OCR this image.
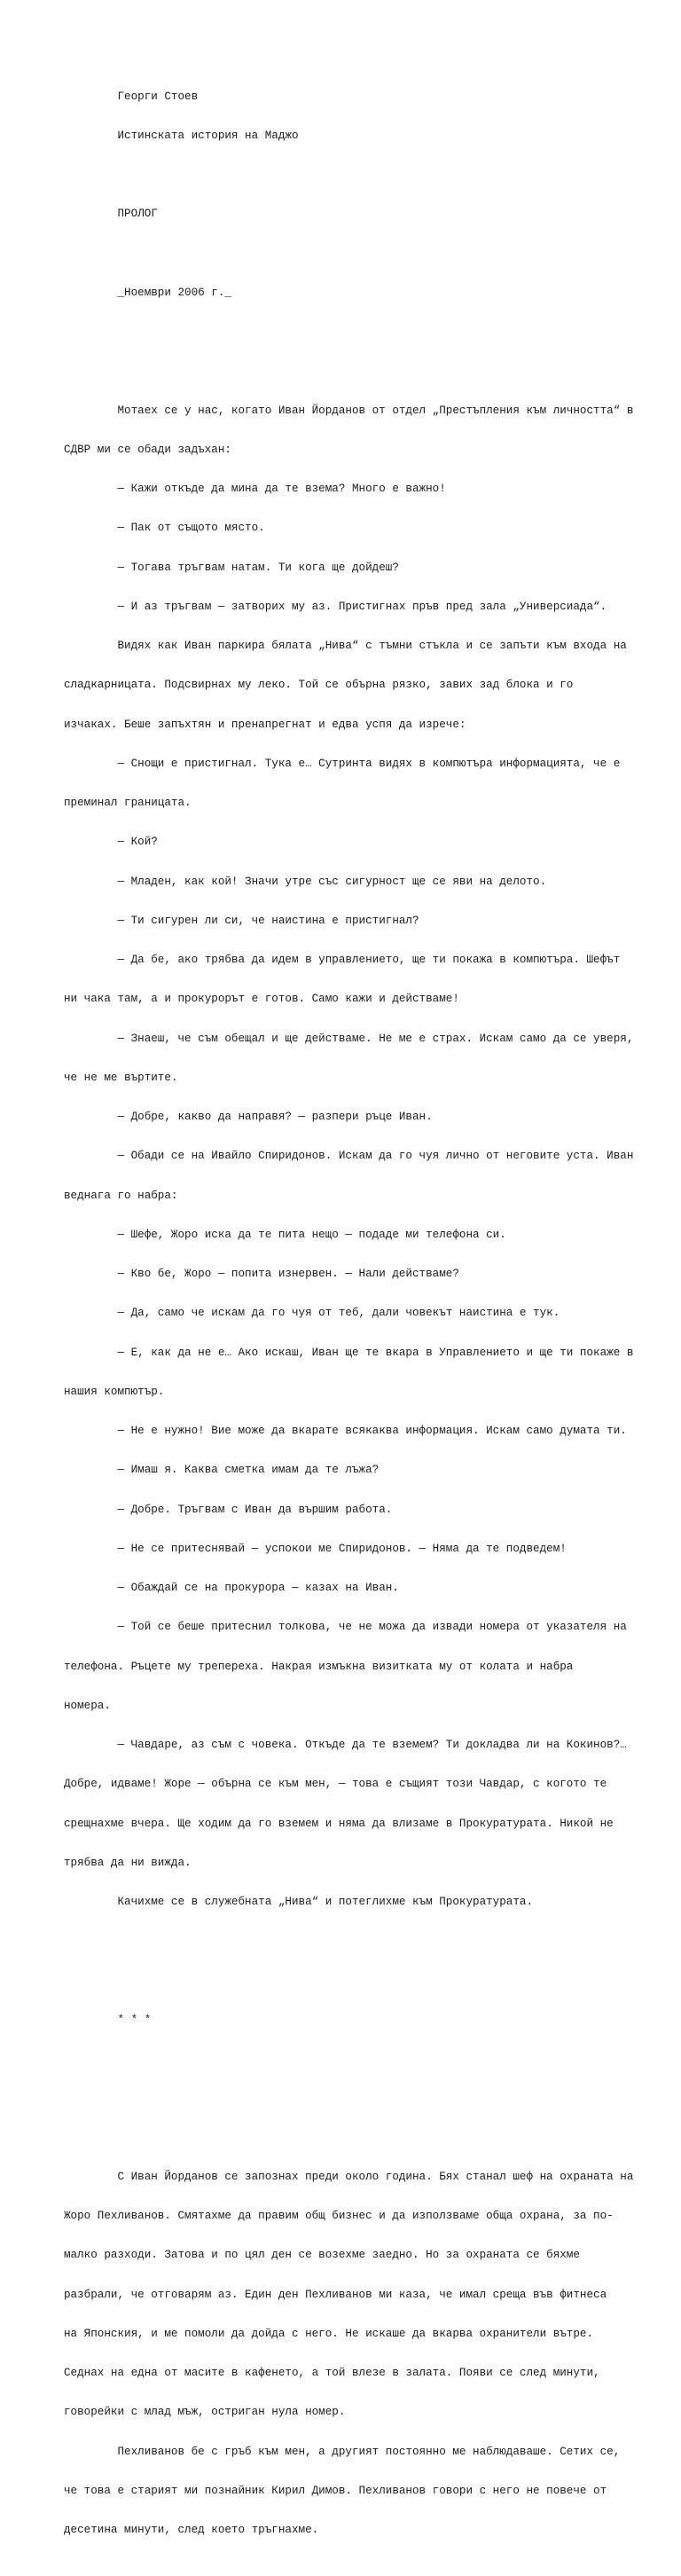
Георги Стоев

Истинската история на Маджо

ПРОЛОГ

_Ноември 2006 г._

Мотаех се у нас, когато Иван Йорданов от отдел „Престъпления към личността“ в

СДВР ми се обади задъхан:

— Кажи откъде да мина да те взема? Много е важно!

— Пак от същото място.

— Тогава тръгвам натам. Ти кога ще дойдеш?

— И аз тръгвам — затворих му аз. Пристигнах пръв пред зала „Универсиада“.

Видях как Иван паркира бялата „Нива“ с тъмни стъкла и се запъти към входа на

сладкарницата. Подсвирнах му леко. Той се обърна рязко, завих зад блока и го

изчаках. Беше запъхтян и пренапрегнат и едва успя да изрече:

— Снощи е пристигнал. Тука е… Сутринта видях в компютъра информацията, че е

преминал границата.

— Кой?

— Младен, как кой! Значи утре със сигурност ще се яви на делото.

— Ти сигурен ли си, че наистина е пристигнал?

— Да бе, ако трябва да идем в управлението, ще ти покажа в компютъра. Шефът

ни чака там, а и прокурорът е готов. Само кажи и действаме!

— Знаеш, че съм обещал и ще действаме. Не ме е страх. Искам само да се уверя,

че не ме въртите.

— Добре, какво да направя? — разпери ръце Иван.

— Обади се на Ивайло Спиридонов. Искам да го чуя лично от неговите уста. Иван

веднага го набра:

— Шефе, Жоро иска да те пита нещо — подаде ми телефона си.

— Кво бе, Жоро — попита изнервен. — Нали действаме?

— Да, само че искам да го чуя от теб, дали човекът наистина е тук.

— Е, как да не е… Ако искаш, Иван ще те вкара в Управлението и ще ти покаже в

нашия компютър.

— Не е нужно! Вие може да вкарате всякаква информация. Искам само думата ти.

— Имаш я. Каква сметка имам да те лъжа?

— Добре. Тръгвам с Иван да вършим работа.

— Не се притеснявай — успокои ме Спиридонов. — Няма да те подведем!

— Обаждай се на прокурора — казах на Иван.

— Той се беше притеснил толкова, че не можа да извади номера от указателя на

телефона. Ръцете му трепереха. Накрая измъкна визитката му от колата и набра

номера.

— Чавдаре, аз съм с човека. Откъде да те вземем? Ти докладва ли на Кокинов?…

Добре, идваме! Жоре — обърна се към мен, — това е същият този Чавдар, с когото те

срещнахме вчера. Ще ходим да го вземем и няма да влизаме в Прокуратурата. Никой не

трябва да ни вижда.

Качихме се в служебната „Нива“ и потеглихме към Прокуратурата.

* * *

С Иван Йорданов се запознах преди около година. Бях станал шеф на охраната на

Жоро Пехливанов. Смятахме да правим общ бизнес и да използваме обща охрана, за по-

малко разходи. Затова и по цял ден се возехме заедно. Но за охраната се бяхме

разбрали, че отговарям аз. Един ден Пехливанов ми каза, че имал среща във фитнеса

на Японския, и ме помоли да дойда с него. Не искаше да вкарва охранители вътре.

Седнах на една от масите в кафенето, а той влезе в залата. Появи се след минути,

говорейки с млад мъж, остриган нула номер.

Пехливанов бе с гръб към мен, а другият постоянно ме наблюдаваше. Сетих се,

че това е старият ми познайник Кирил Димов. Пехливанов говори с него не повече от

десетина минути, след което тръгнахме.
